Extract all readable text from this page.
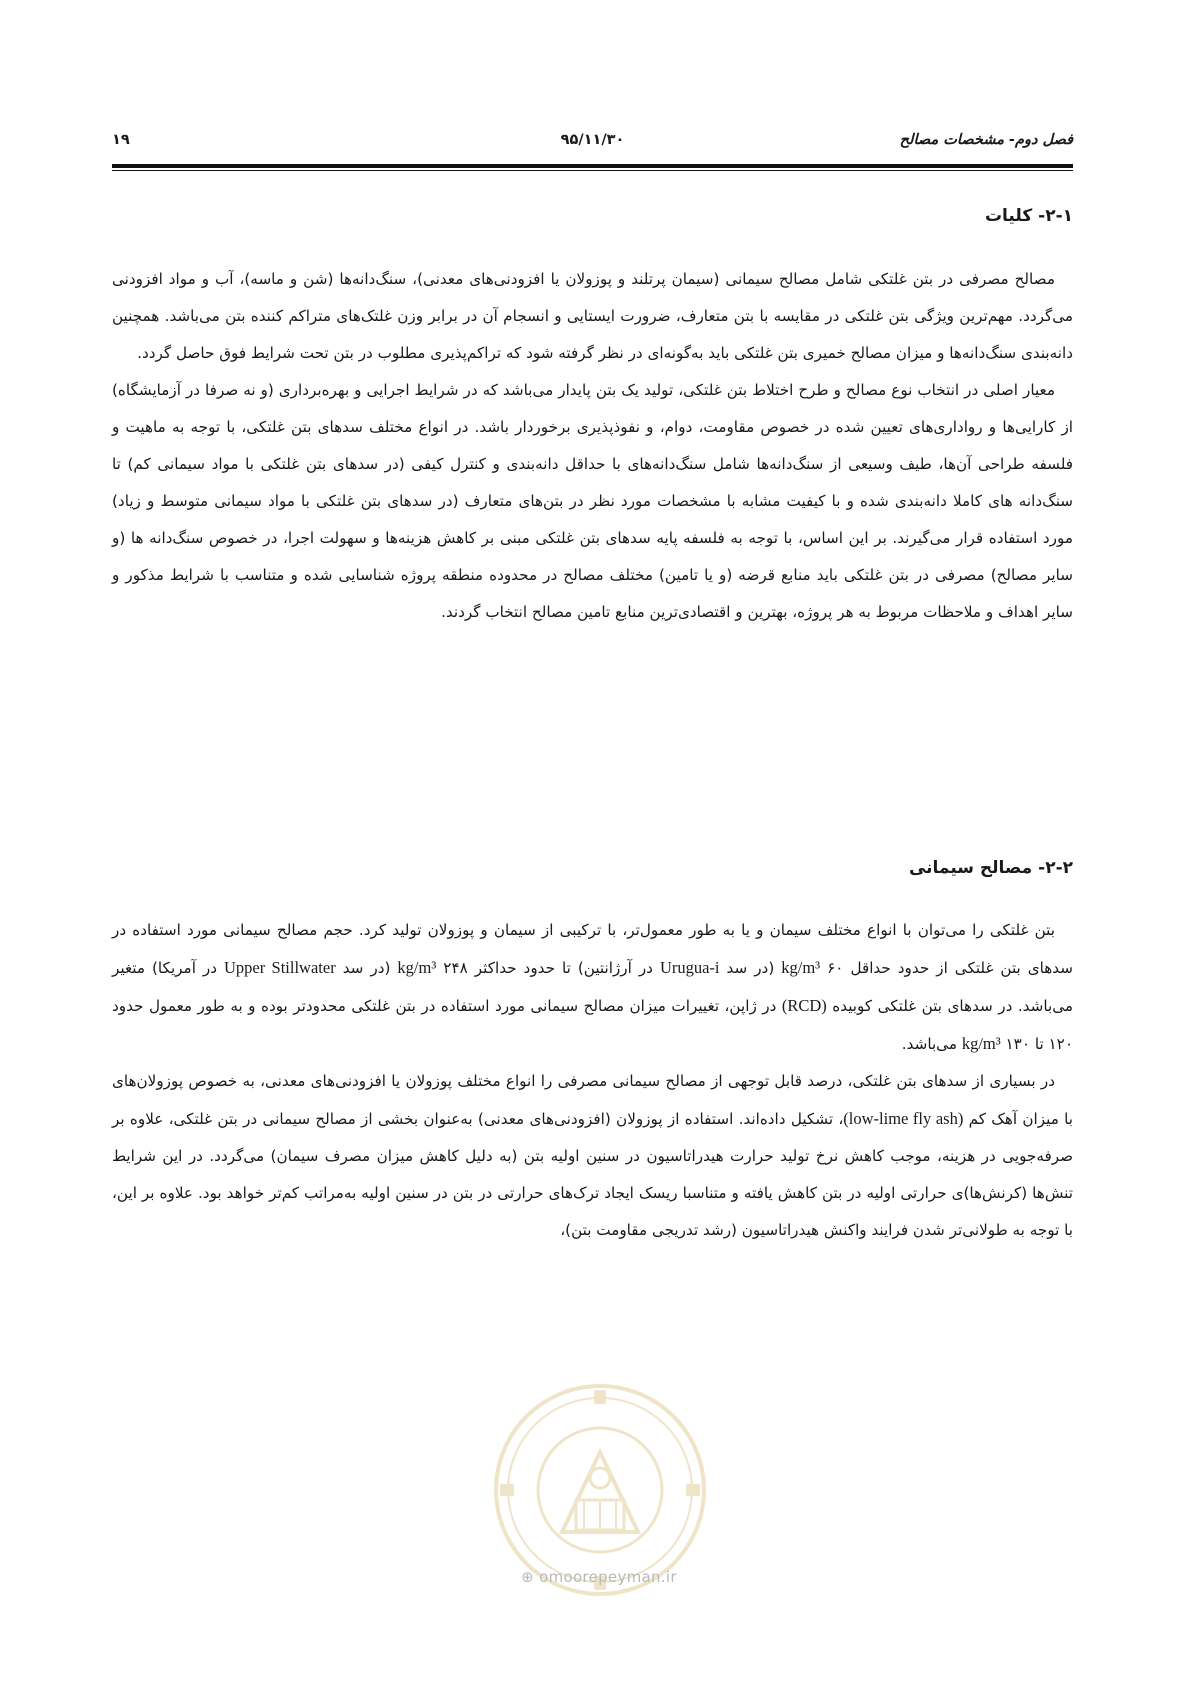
فصل دوم- مشخصات مصالح
۹۵/۱۱/۳۰
۱۹
۲-۱- کلیات

مصالح مصرفی در بتن غلتکی شامل مصالح سیمانی (سیمان پرتلند و پوزولان یا افزودنی‌های معدنی)، سنگ‌دانه‌ها (شن و ماسه)، آب و مواد افزودنی می‌گردد. مهم‌ترین ویژگی بتن غلتکی در مقایسه با بتن متعارف، ضرورت ایستایی و انسجام آن در برابر وزن غلتک‌های متراکم کننده بتن می‌باشد. همچنین دانه‌بندی سنگ‌دانه‌ها و میزان مصالح خمیری بتن غلتکی باید به‌گونه‌ای در نظر گرفته شود که تراکم‌پذیری مطلوب در بتن تحت شرایط فوق حاصل گردد.

معیار اصلی در انتخاب نوع مصالح و طرح اختلاط بتن غلتکی، تولید یک بتن پایدار می‌باشد که در شرایط اجرایی و بهره‌برداری (و نه صرفا در آزمایشگاه) از کارایی‌ها و رواداری‌های تعیین شده در خصوص مقاومت، دوام، و نفوذپذیری برخوردار باشد. در انواع مختلف سدهای بتن غلتکی، با توجه به ماهیت و فلسفه طراحی آن‌ها، طیف وسیعی از سنگ‌دانه‌ها شامل سنگ‌دانه‌های با حداقل دانه‌بندی و کنترل کیفی (در سدهای بتن غلتکی با مواد سیمانی کم) تا سنگ‌دانه های کاملا دانه‌بندی شده و با کیفیت مشابه با مشخصات مورد نظر در بتن‌های متعارف (در سدهای بتن غلتکی با مواد سیمانی متوسط و زیاد) مورد استفاده قرار می‌گیرند. بر این اساس، با توجه به فلسفه پایه سدهای بتن غلتکی مبنی بر کاهش هزینه‌ها و سهولت اجرا، در خصوص سنگ‌دانه ها (و سایر مصالح) مصرفی در بتن غلتکی باید منابع قرضه (و یا تامین) مختلف مصالح در محدوده منطقه پروژه شناسایی شده و متناسب با شرایط مذکور و سایر اهداف و ملاحظات مربوط به هر پروژه، بهترین و اقتصادی‌ترین منابع تامین مصالح انتخاب گردند.

۲-۲- مصالح سیمانی

بتن غلتکی را می‌توان با انواع مختلف سیمان و یا به طور معمول‌تر، با ترکیبی از سیمان و پوزولان تولید کرد. حجم مصالح سیمانی مورد استفاده در سدهای بتن غلتکی از حدود حداقل ۶۰ kg/m³ (در سد Urugua-i در آرژانتین) تا حدود حداکثر ۲۴۸ kg/m³ (در سد Upper Stillwater در آمریکا) متغیر می‌باشد. در سدهای بتن غلتکی کوبیده (RCD) در ژاپن، تغییرات میزان مصالح سیمانی مورد استفاده در بتن غلتکی محدودتر بوده و به طور معمول حدود ۱۲۰ تا ۱۳۰ kg/m³ می‌باشد.

در بسیاری از سدهای بتن غلتکی، درصد قابل توجهی از مصالح سیمانی مصرفی را انواع مختلف پوزولان یا افزودنی‌های معدنی، به خصوص پوزولان‌های با میزان آهک کم (low-lime fly ash)، تشکیل داده‌اند. استفاده از پوزولان (افزودنی‌های معدنی) به‌عنوان بخشی از مصالح سیمانی در بتن غلتکی، علاوه بر صرفه‌جویی در هزینه، موجب کاهش نرخ تولید حرارت هیدراتاسیون در سنین اولیه بتن (به دلیل کاهش میزان مصرف سیمان) می‌گردد. در این شرایط تنش‌ها (کرنش‌ها)ی حرارتی اولیه در بتن کاهش یافته و متناسبا ریسک ایجاد ترک‌های حرارتی در بتن در سنین اولیه به‌مراتب کم‌تر خواهد بود. علاوه بر این، با توجه به طولانی‌تر شدن فرایند واکنش هیدراتاسیون (رشد تدریجی مقاومت بتن)،

⊕ omoorepeyman.ir
